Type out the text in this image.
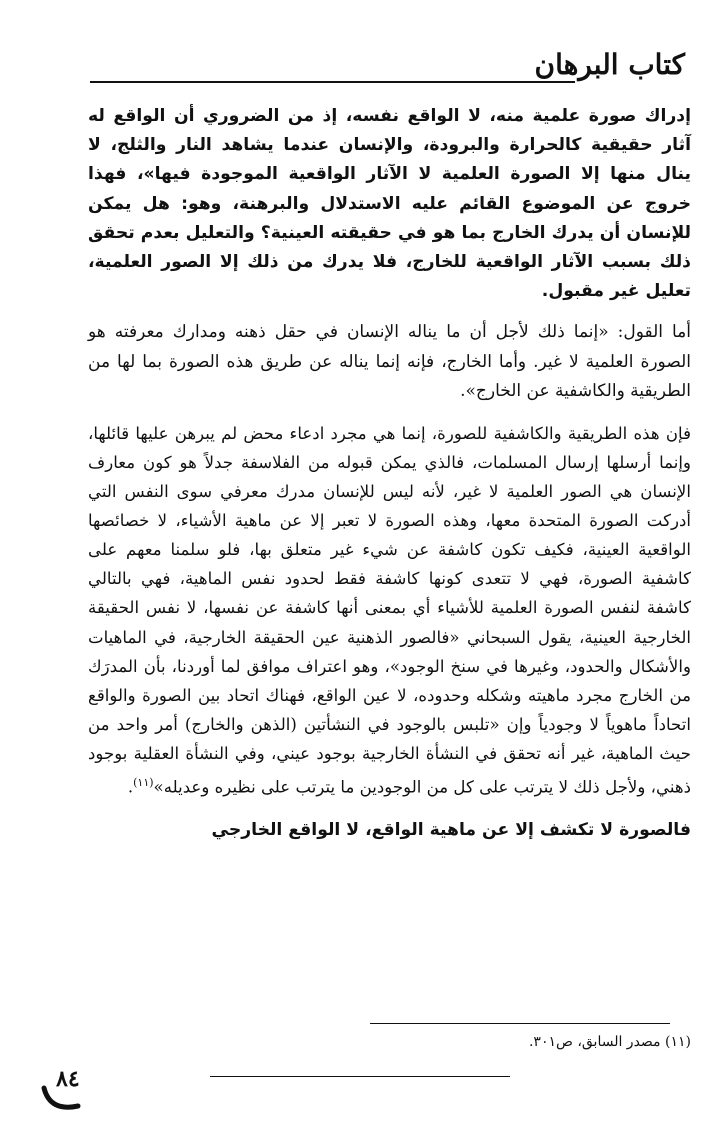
كتاب البرهان

إدراك صورة علمية منه، لا الواقع نفسه، إذ من الضروري أن الواقع له آثار حقيقية كالحرارة والبرودة، والإنسان عندما يشاهد النار والثلج، لا ينال منها إلا الصورة العلمية لا الآثار الواقعية الموجودة فيها»، فهذا خروج عن الموضوع القائم عليه الاستدلال والبرهنة، وهو: هل يمكن للإنسان أن يدرك الخارج بما هو في حقيقته العينية؟ والتعليل بعدم تحقق ذلك بسبب الآثار الواقعية للخارج، فلا يدرك من ذلك إلا الصور العلمية، تعليل غير مقبول.

أما القول: «إنما ذلك لأجل أن ما يناله الإنسان في حقل ذهنه ومدارك معرفته هو الصورة العلمية لا غير. وأما الخارج، فإنه إنما يناله عن طريق هذه الصورة بما لها من الطريقية والكاشفية عن الخارج».

فإن هذه الطريقية والكاشفية للصورة، إنما هي مجرد ادعاء محض لم يبرهن عليها قائلها، وإنما أرسلها إرسال المسلمات، فالذي يمكن قبوله من الفلاسفة جدلاً هو كون معارف الإنسان هي الصور العلمية لا غير، لأنه ليس للإنسان مدرك معرفي سوى النفس التي أدركت الصورة المتحدة معها، وهذه الصورة لا تعبر إلا عن ماهية الأشياء، لا خصائصها الواقعية العينية، فكيف تكون كاشفة عن شيء غير متعلق بها، فلو سلمنا معهم على كاشفية الصورة، فهي لا تتعدى كونها كاشفة فقط لحدود نفس الماهية، فهي بالتالي كاشفة لنفس الصورة العلمية للأشياء أي بمعنى أنها كاشفة عن نفسها، لا نفس الحقيقة الخارجية العينية، يقول السبحاني «فالصور الذهنية عين الحقيقة الخارجية، في الماهيات والأشكال والحدود، وغيرها في سنخ الوجود»، وهو اعتراف موافق لما أوردنا، بأن المدرَك من الخارج مجرد ماهيته وشكله وحدوده، لا عين الواقع، فهناك اتحاد بين الصورة والواقع اتحاداً ماهوياً لا وجودياً وإن «تلبس بالوجود في النشأتين (الذهن والخارج) أمر واحد من حيث الماهية، غير أنه تحقق في النشأة الخارجية بوجود عيني، وفي النشأة العقلية بوجود ذهني، ولأجل ذلك لا يترتب على كل من الوجودين ما يترتب على نظيره وعديله»$^{(١١)}$.

فالصورة لا تكشف إلا عن ماهية الواقع، لا الواقع الخارجي

(١١) مصدر السابق، ص٣٠١.
٨٤
